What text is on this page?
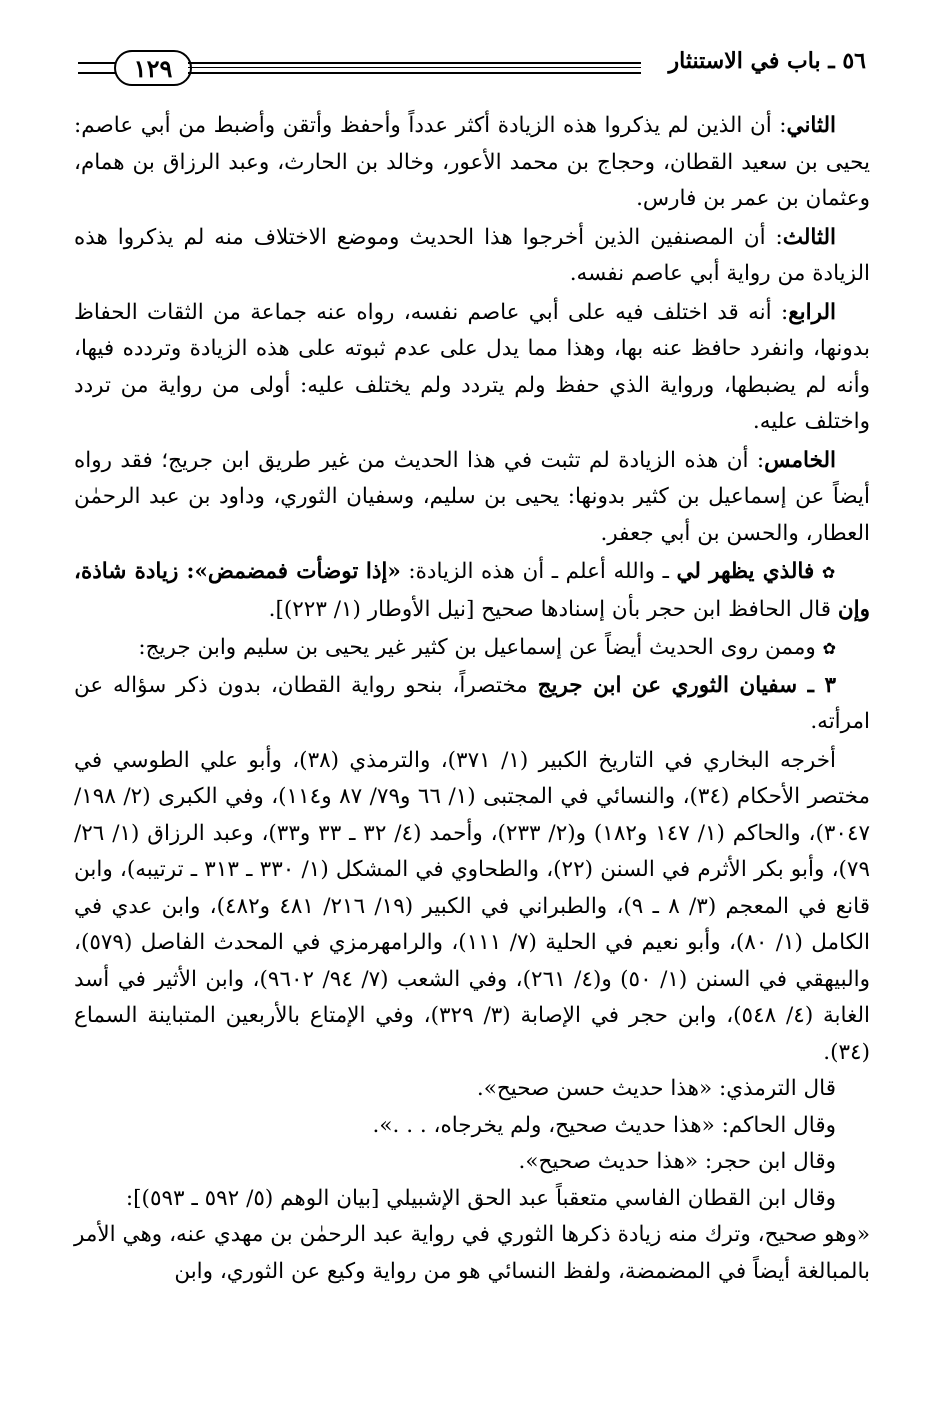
٥٦ ـ باب في الاستنثار
١٢٩

الثاني: أن الذين لم يذكروا هذه الزيادة أكثر عدداً وأحفظ وأتقن وأضبط من أبي عاصم: يحيى بن سعيد القطان، وحجاج بن محمد الأعور، وخالد بن الحارث، وعبد الرزاق بن همام، وعثمان بن عمر بن فارس.

الثالث: أن المصنفين الذين أخرجوا هذا الحديث وموضع الاختلاف منه لم يذكروا هذه الزيادة من رواية أبي عاصم نفسه.

الرابع: أنه قد اختلف فيه على أبي عاصم نفسه، رواه عنه جماعة من الثقات الحفاظ بدونها، وانفرد حافظ عنه بها، وهذا مما يدل على عدم ثبوته على هذه الزيادة وتردده فيها، وأنه لم يضبطها، ورواية الذي حفظ ولم يتردد ولم يختلف عليه: أولى من رواية من تردد واختلف عليه.

الخامس: أن هذه الزيادة لم تثبت في هذا الحديث من غير طريق ابن جريج؛ فقد رواه أيضاً عن إسماعيل بن كثير بدونها: يحيى بن سليم، وسفيان الثوري، وداود بن عبد الرحمٰن العطار، والحسن بن أبي جعفر.

✿ فالذي يظهر لي ـ والله أعلم ـ أن هذه الزيادة: «إذا توضأت فمضمض»: زيادة شاذة، وإن قال الحافظ ابن حجر بأن إسنادها صحيح [نيل الأوطار (١/ ٢٢٣)].

✿ وممن روى الحديث أيضاً عن إسماعيل بن كثير غير يحيى بن سليم وابن جريج:

٣ ـ سفيان الثوري عن ابن جريج مختصراً، بنحو رواية القطان، بدون ذكر سؤاله عن امرأته.

أخرجه البخاري في التاريخ الكبير (١/ ٣٧١)، والترمذي (٣٨)، وأبو علي الطوسي في مختصر الأحكام (٣٤)، والنسائي في المجتبى (١/ ٦٦ و٧٩/ ٨٧ و١١٤)، وفي الكبرى (٢/ ١٩٨/ ٣٠٤٧)، والحاكم (١/ ١٤٧ و١٨٢) و(٢/ ٢٣٣)، وأحمد (٤/ ٣٢ ـ ٣٣ و٣٣)، وعبد الرزاق (١/ ٢٦/ ٧٩)، وأبو بكر الأثرم في السنن (٢٢)، والطحاوي في المشكل (١/ ٣٣٠ ـ ٣١٣ ـ ترتيبه)، وابن قانع في المعجم (٣/ ٨ ـ ٩)، والطبراني في الكبير (١٩/ ٢١٦/ ٤٨١ و٤٨٢)، وابن عدي في الكامل (١/ ٨٠)، وأبو نعيم في الحلية (٧/ ١١١)، والرامهرمزي في المحدث الفاصل (٥٧٩)، والبيهقي في السنن (١/ ٥٠) و(٤/ ٢٦١)، وفي الشعب (٧/ ٩٤/ ٩٦٠٢)، وابن الأثير في أسد الغابة (٤/ ٥٤٨)، وابن حجر في الإصابة (٣/ ٣٢٩)، وفي الإمتاع بالأربعين المتباينة السماع (٣٤).

قال الترمذي: «هذا حديث حسن صحيح».

وقال الحاكم: «هذا حديث صحيح، ولم يخرجاه، . . .».

وقال ابن حجر: «هذا حديث صحيح».

وقال ابن القطان الفاسي متعقباً عبد الحق الإشبيلي [بيان الوهم (٥/ ٥٩٢ ـ ٥٩٣)]:

«وهو صحيح، وترك منه زيادة ذكرها الثوري في رواية عبد الرحمٰن بن مهدي عنه، وهي الأمر بالمبالغة أيضاً في المضمضة، ولفظ النسائي هو من رواية وكيع عن الثوري، وابن
